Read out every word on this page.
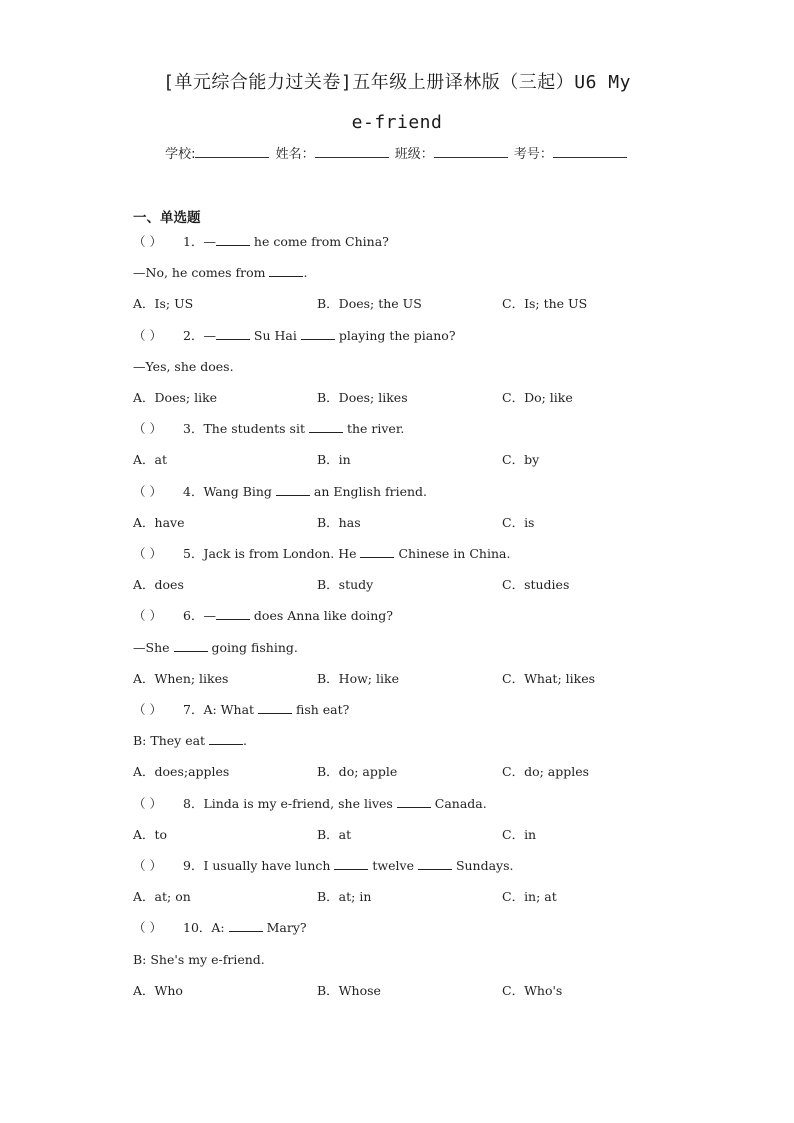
[单元综合能力过关卷]五年级上册译林版（三起）U6 My
e-friend
学校:	姓名：	班级：	考号：
一、单选题
（ ） 1．—	he come from China?
—No, he comes from	.
A．Is; US	B．Does; the US	C．Is; the US
（ ） 2．—	Su Hai	playing the piano?
—Yes, she does.
A．Does; like	B．Does; likes	C．Do; like
（ ） 3．The students sit	the river.
A．at	B．in	C．by
（ ） 4．Wang Bing	an English friend.
A．have	B．has	C．is
（ ） 5．Jack is from London. He	Chinese in China.
A．does	B．study	C．studies
（ ） 6．—	does Anna like doing?
—She	going fishing.
A．When; likes	B．How; like	C．What; likes
（ ） 7．A: What	fish eat?
B: They eat	.
A．does;apples	B．do; apple	C．do; apples
（ ） 8．Linda is my e-friend, she lives	Canada.
A．to	B．at	C．in
（ ） 9．I usually have lunch	twelve	Sundays.
A．at; on	B．at; in	C．in; at
（ ） 10．A:	Mary?
B: She's my e-friend.
A．Who	B．Whose	C．Who's
